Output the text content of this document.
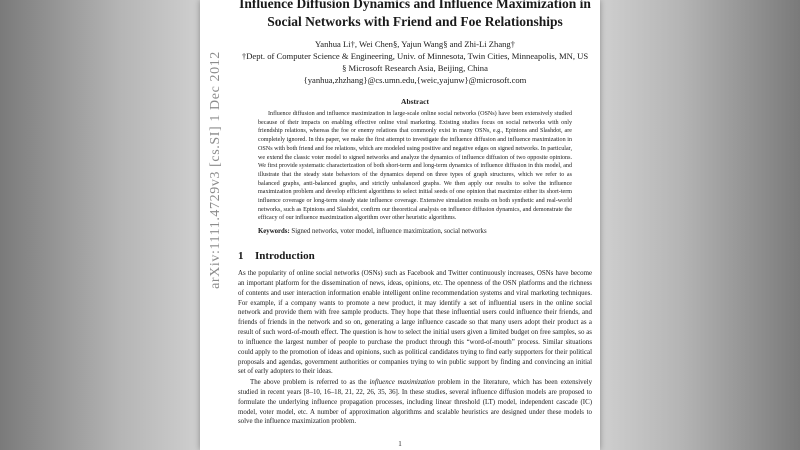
arXiv:1111.4729v3 [cs.SI] 1 Dec 2012
Influence Diffusion Dynamics and Influence Maximization in
Social Networks with Friend and Foe Relationships
Yanhua Li†, Wei Chen§, Yajun Wang§ and Zhi-Li Zhang†
†Dept. of Computer Science & Engineering, Univ. of Minnesota, Twin Cities, Minneapolis, MN, US
§ Microsoft Research Asia, Beijing, China
{yanhua,zhzhang}@cs.umn.edu,{weic,yajunw}@microsoft.com
Abstract

Influence diffusion and influence maximization in large-scale online social networks (OSNs) have been extensively studied because of their impacts on enabling effective online viral marketing. Existing studies focus on social networks with only friendship relations, whereas the foe or enemy relations that commonly exist in many OSNs, e.g., Epinions and Slashdot, are completely ignored. In this paper, we make the first attempt to investigate the influence diffusion and influence maximization in OSNs with both friend and foe relations, which are modeled using positive and negative edges on signed networks. In particular, we extend the classic voter model to signed networks and analyze the dynamics of influence diffusion of two opposite opinions. We first provide systematic characterization of both short-term and long-term dynamics of influence diffusion in this model, and illustrate that the steady state behaviors of the dynamics depend on three types of graph structures, which we refer to as balanced graphs, anti-balanced graphs, and strictly unbalanced graphs. We then apply our results to solve the influence maximization problem and develop efficient algorithms to select initial seeds of one opinion that maximize either its short-term influence coverage or long-term steady state influence coverage. Extensive simulation results on both synthetic and real-world networks, such as Epinions and Slashdot, confirm our theoretical analysis on influence diffusion dynamics, and demonstrate the efficacy of our influence maximization algorithm over other heuristic algorithms.

Keywords: Signed networks, voter model, influence maximization, social networks
1 Introduction

As the popularity of online social networks (OSNs) such as Facebook and Twitter continuously increases, OSNs have become an important platform for the dissemination of news, ideas, opinions, etc. The openness of the OSN platforms and the richness of contents and user interaction information enable intelligent online recommendation systems and viral marketing techniques. For example, if a company wants to promote a new product, it may identify a set of influential users in the online social network and provide them with free sample products. They hope that these influential users could influence their friends, and friends of friends in the network and so on, generating a large influence cascade so that many users adopt their product as a result of such word-of-mouth effect. The question is how to select the initial users given a limited budget on free samples, so as to influence the largest number of people to purchase the product through this “word-of-mouth” process. Similar situations could apply to the promotion of ideas and opinions, such as political candidates trying to find early supporters for their political proposals and agendas, government authorities or companies trying to win public support by finding and convincing an initial set of early adopters to their ideas.

The above problem is referred to as the influence maximization problem in the literature, which has been extensively studied in recent years [8–10, 16–18, 21, 22, 26, 35, 36]. In these studies, several influence diffusion models are proposed to formulate the underlying influence propagation processes, including linear threshold (LT) model, independent cascade (IC) model, voter model, etc. A number of approximation algorithms and scalable heuristics are designed under these models to solve the influence maximization problem.

1
